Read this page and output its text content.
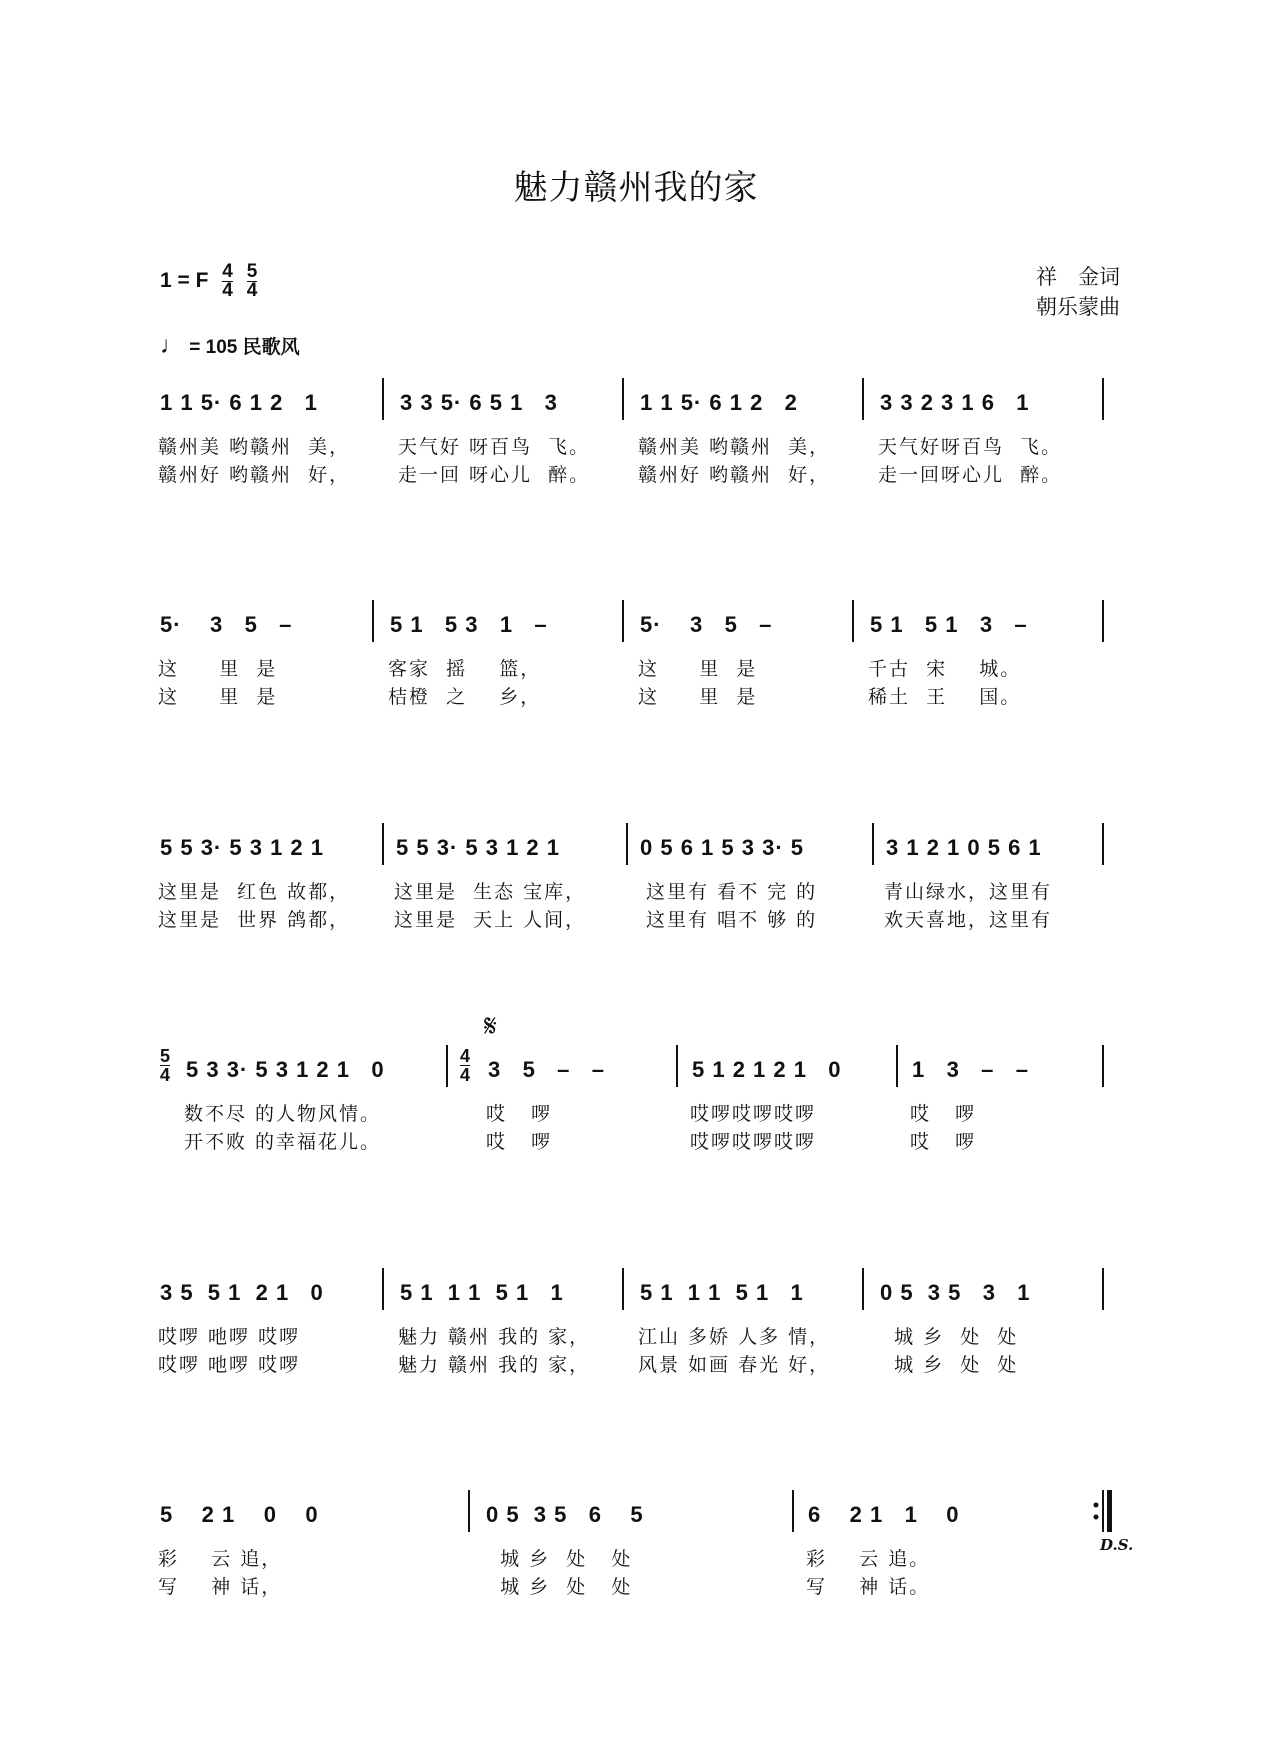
魅力赣州我的家
1 = F $\frac{4}{4}$
$\frac{5}{4}$	祥　金词
朝乐蒙曲
♩ = 105 民歌风
1 1 5· 6 1 2   1
赣州美 哟赣州  美，
赣州好 哟赣州  好，
3 3 5· 6 5 1   3
天气好 呀百鸟  飞。
走一回 呀心儿  醉。
1 1 5· 6 1 2   2
赣州美 哟赣州  美，
赣州好 哟赣州  好，
3 3 2 3 1 6   1
天气好呀百鸟  飞。
走一回呀心儿  醉。
5·    3   5   –
这     里  是
这     里  是
5 1   5 3   1   –
客家  摇    篮，
桔橙  之    乡，
5·    3   5   –
这     里  是
这     里  是
5 1   5 1   3   –
千古  宋    城。
稀土  王    国。
5 5 3· 5 3 1 2 1
这里是  红色 故都，
这里是  世界 鸽都，
5 5 3· 5 3 1 2 1
这里是  生态 宝库，
这里是  天上 人间，
0 5 6 1 5 3 3· 5
这里有 看不 完 的
这里有 唱不 够 的
3 1 2 1 0 5 6 1
青山绿水，这里有
欢天喜地，这里有
5 3 3· 5 3 1 2 1   0
数不尽 的人物风情。
开不败 的幸福花儿。
3   5   –   –
哎   啰
哎   啰
5 1 2 1 2 1   0
哎啰哎啰哎啰
哎啰哎啰哎啰
1   3   –   –
哎   啰
哎   啰
$\frac{5}{4}$	$\frac{4}{4}$
𝄋
3 5  5 1  2 1   0
哎啰 吔啰 哎啰
哎啰 吔啰 哎啰
5 1  1 1  5 1   1
魅力 赣州 我的 家，
魅力 赣州 我的 家，
5 1  1 1  5 1   1
江山 多娇 人多 情，
风景 如画 春光 好，
0 5  3 5   3   1
城 乡  处  处
城 乡  处  处
5    2 1    0    0
彩    云 追，
写    神 话，
0 5  3 5   6    5
城 乡  处   处
城 乡  处   处
6    2 1   1    0
彩    云 追。
写    神 话。
D.S.
